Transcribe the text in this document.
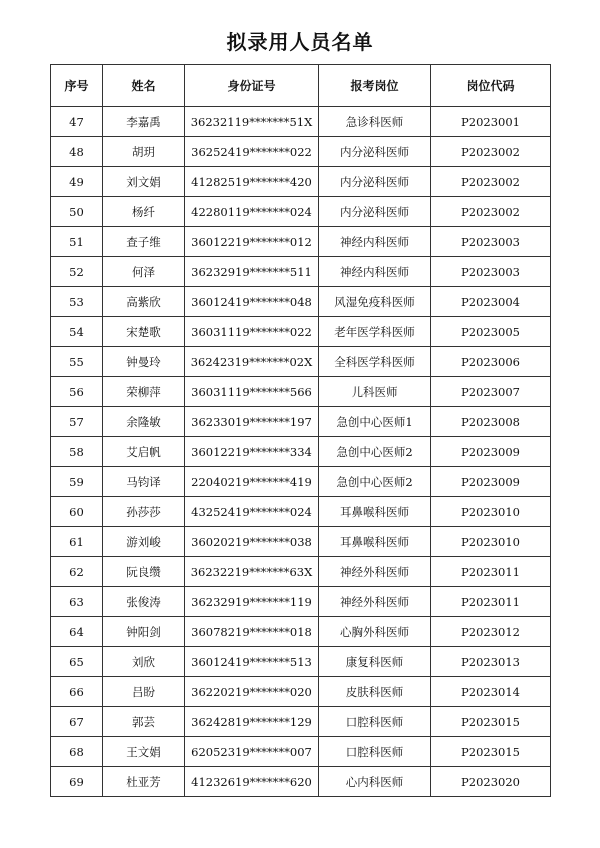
拟录用人员名单
序号	姓名	身份证号	报考岗位	岗位代码
47	李嘉禹	36232119*******51X	急诊科医师	P2023001
48	胡玥	36252419*******022	内分泌科医师	P2023002
49	刘文娟	41282519*******420	内分泌科医师	P2023002
50	杨纤	42280119*******024	内分泌科医师	P2023002
51	查子维	36012219*******012	神经内科医师	P2023003
52	何泽	36232919*******511	神经内科医师	P2023003
53	高紫欣	36012419*******048	风湿免疫科医师	P2023004
54	宋楚歌	36031119*******022	老年医学科医师	P2023005
55	钟曼玲	36242319*******02X	全科医学科医师	P2023006
56	荣柳萍	36031119*******566	儿科医师	P2023007
57	余隆敏	36233019*******197	急创中心医师1	P2023008
58	艾启帆	36012219*******334	急创中心医师2	P2023009
59	马钧译	22040219*******419	急创中心医师2	P2023009
60	孙莎莎	43252419*******024	耳鼻喉科医师	P2023010
61	游刘峻	36020219*******038	耳鼻喉科医师	P2023010
62	阮良缵	36232219*******63X	神经外科医师	P2023011
63	张俊涛	36232919*******119	神经外科医师	P2023011
64	钟阳剑	36078219*******018	心胸外科医师	P2023012
65	刘欣	36012419*******513	康复科医师	P2023013
66	吕盼	36220219*******020	皮肤科医师	P2023014
67	郭芸	36242819*******129	口腔科医师	P2023015
68	王文娟	62052319*******007	口腔科医师	P2023015
69	杜亚芳	41232619*******620	心内科医师	P2023020
